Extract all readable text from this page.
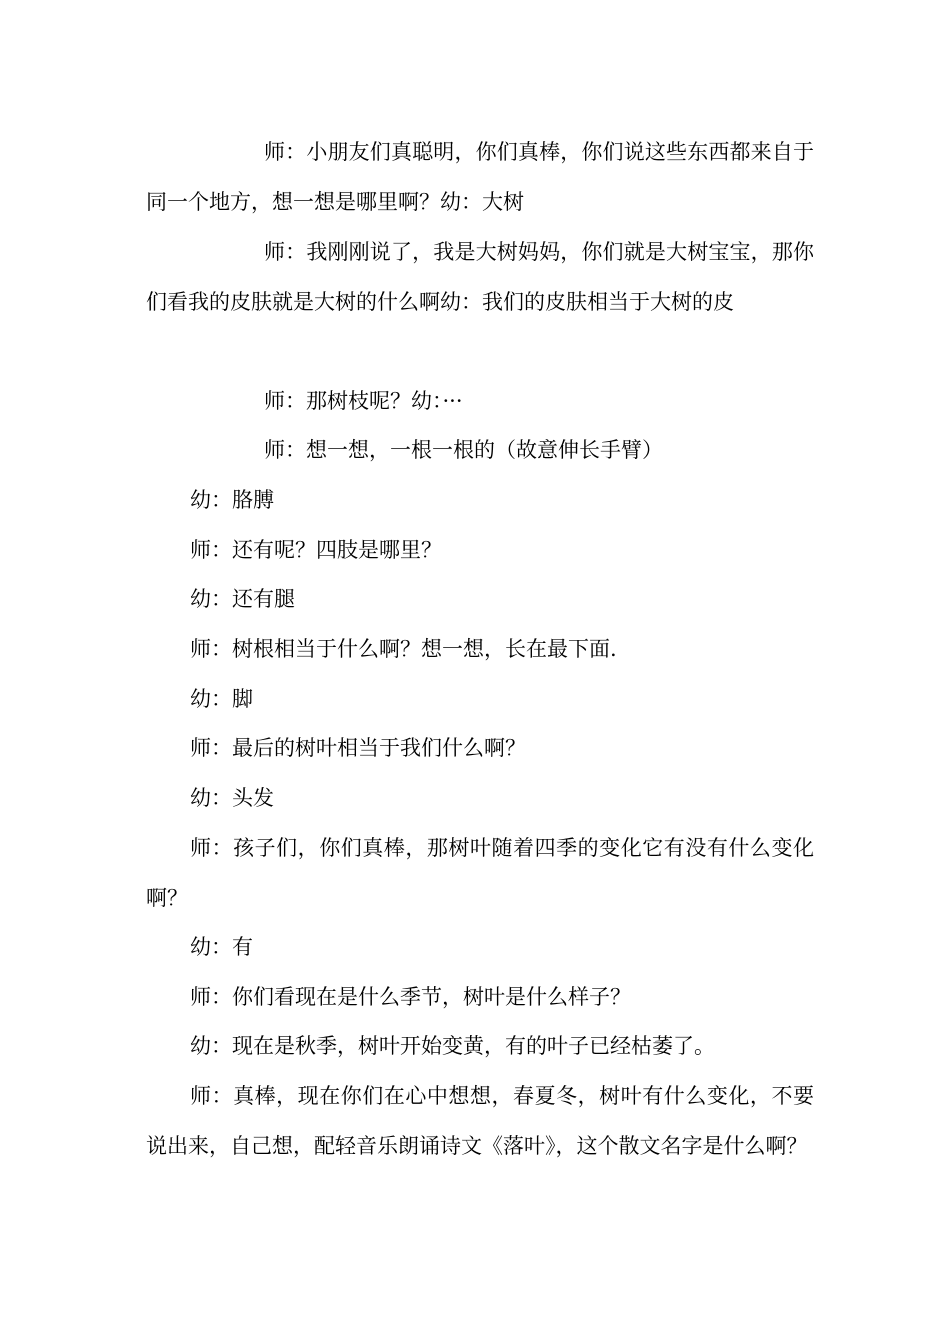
师：小朋友们真聪明，你们真棒，你们说这些东西都来自于同一个地方，想一想是哪里啊？幼：大树

师：我刚刚说了，我是大树妈妈，你们就是大树宝宝，那你们看我的皮肤就是大树的什么啊幼：我们的皮肤相当于大树的皮

师：那树枝呢？幼：···

师：想一想，一根一根的（故意伸长手臂）

幼：胳膊

师：还有呢？四肢是哪里？

幼：还有腿

师：树根相当于什么啊？想一想，长在最下面.

幼：脚

师：最后的树叶相当于我们什么啊？

幼：头发

师：孩子们，你们真棒，那树叶随着四季的变化它有没有什么变化啊？

幼：有

师：你们看现在是什么季节，树叶是什么样子？

幼：现在是秋季，树叶开始变黄，有的叶子已经枯萎了。

师：真棒，现在你们在心中想想，春夏冬，树叶有什么变化，不要说出来，自己想，配轻音乐朗诵诗文《落叶》，这个散文名字是什么啊？
